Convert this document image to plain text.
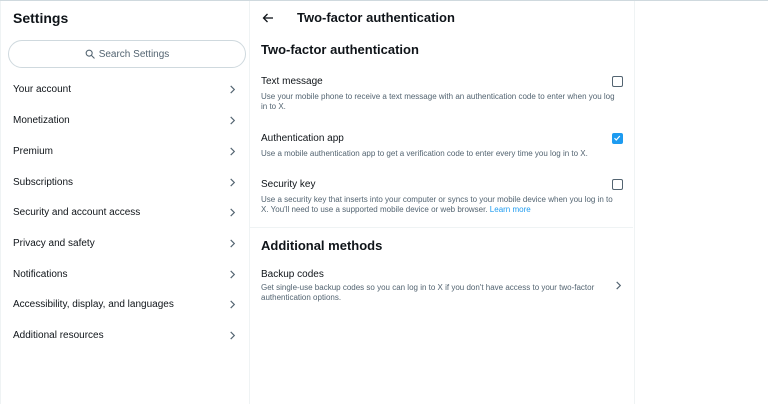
Settings
Search Settings
Your account
Monetization
Premium
Subscriptions
Security and account access
Privacy and safety
Notifications
Accessibility, display, and languages
Additional resources
Two-factor authentication
Two-factor authentication
Text message
Use your mobile phone to receive a text message with an authentication code to enter when you log in to X.
Authentication app
Use a mobile authentication app to get a verification code to enter every time you log in to X.
Security key
Use a security key that inserts into your computer or syncs to your mobile device when you log in to X. You'll need to use a supported mobile device or web browser. Learn more
Additional methods
Backup codes
Get single-use backup codes so you can log in to X if you don't have access to your two-factor authentication options.
